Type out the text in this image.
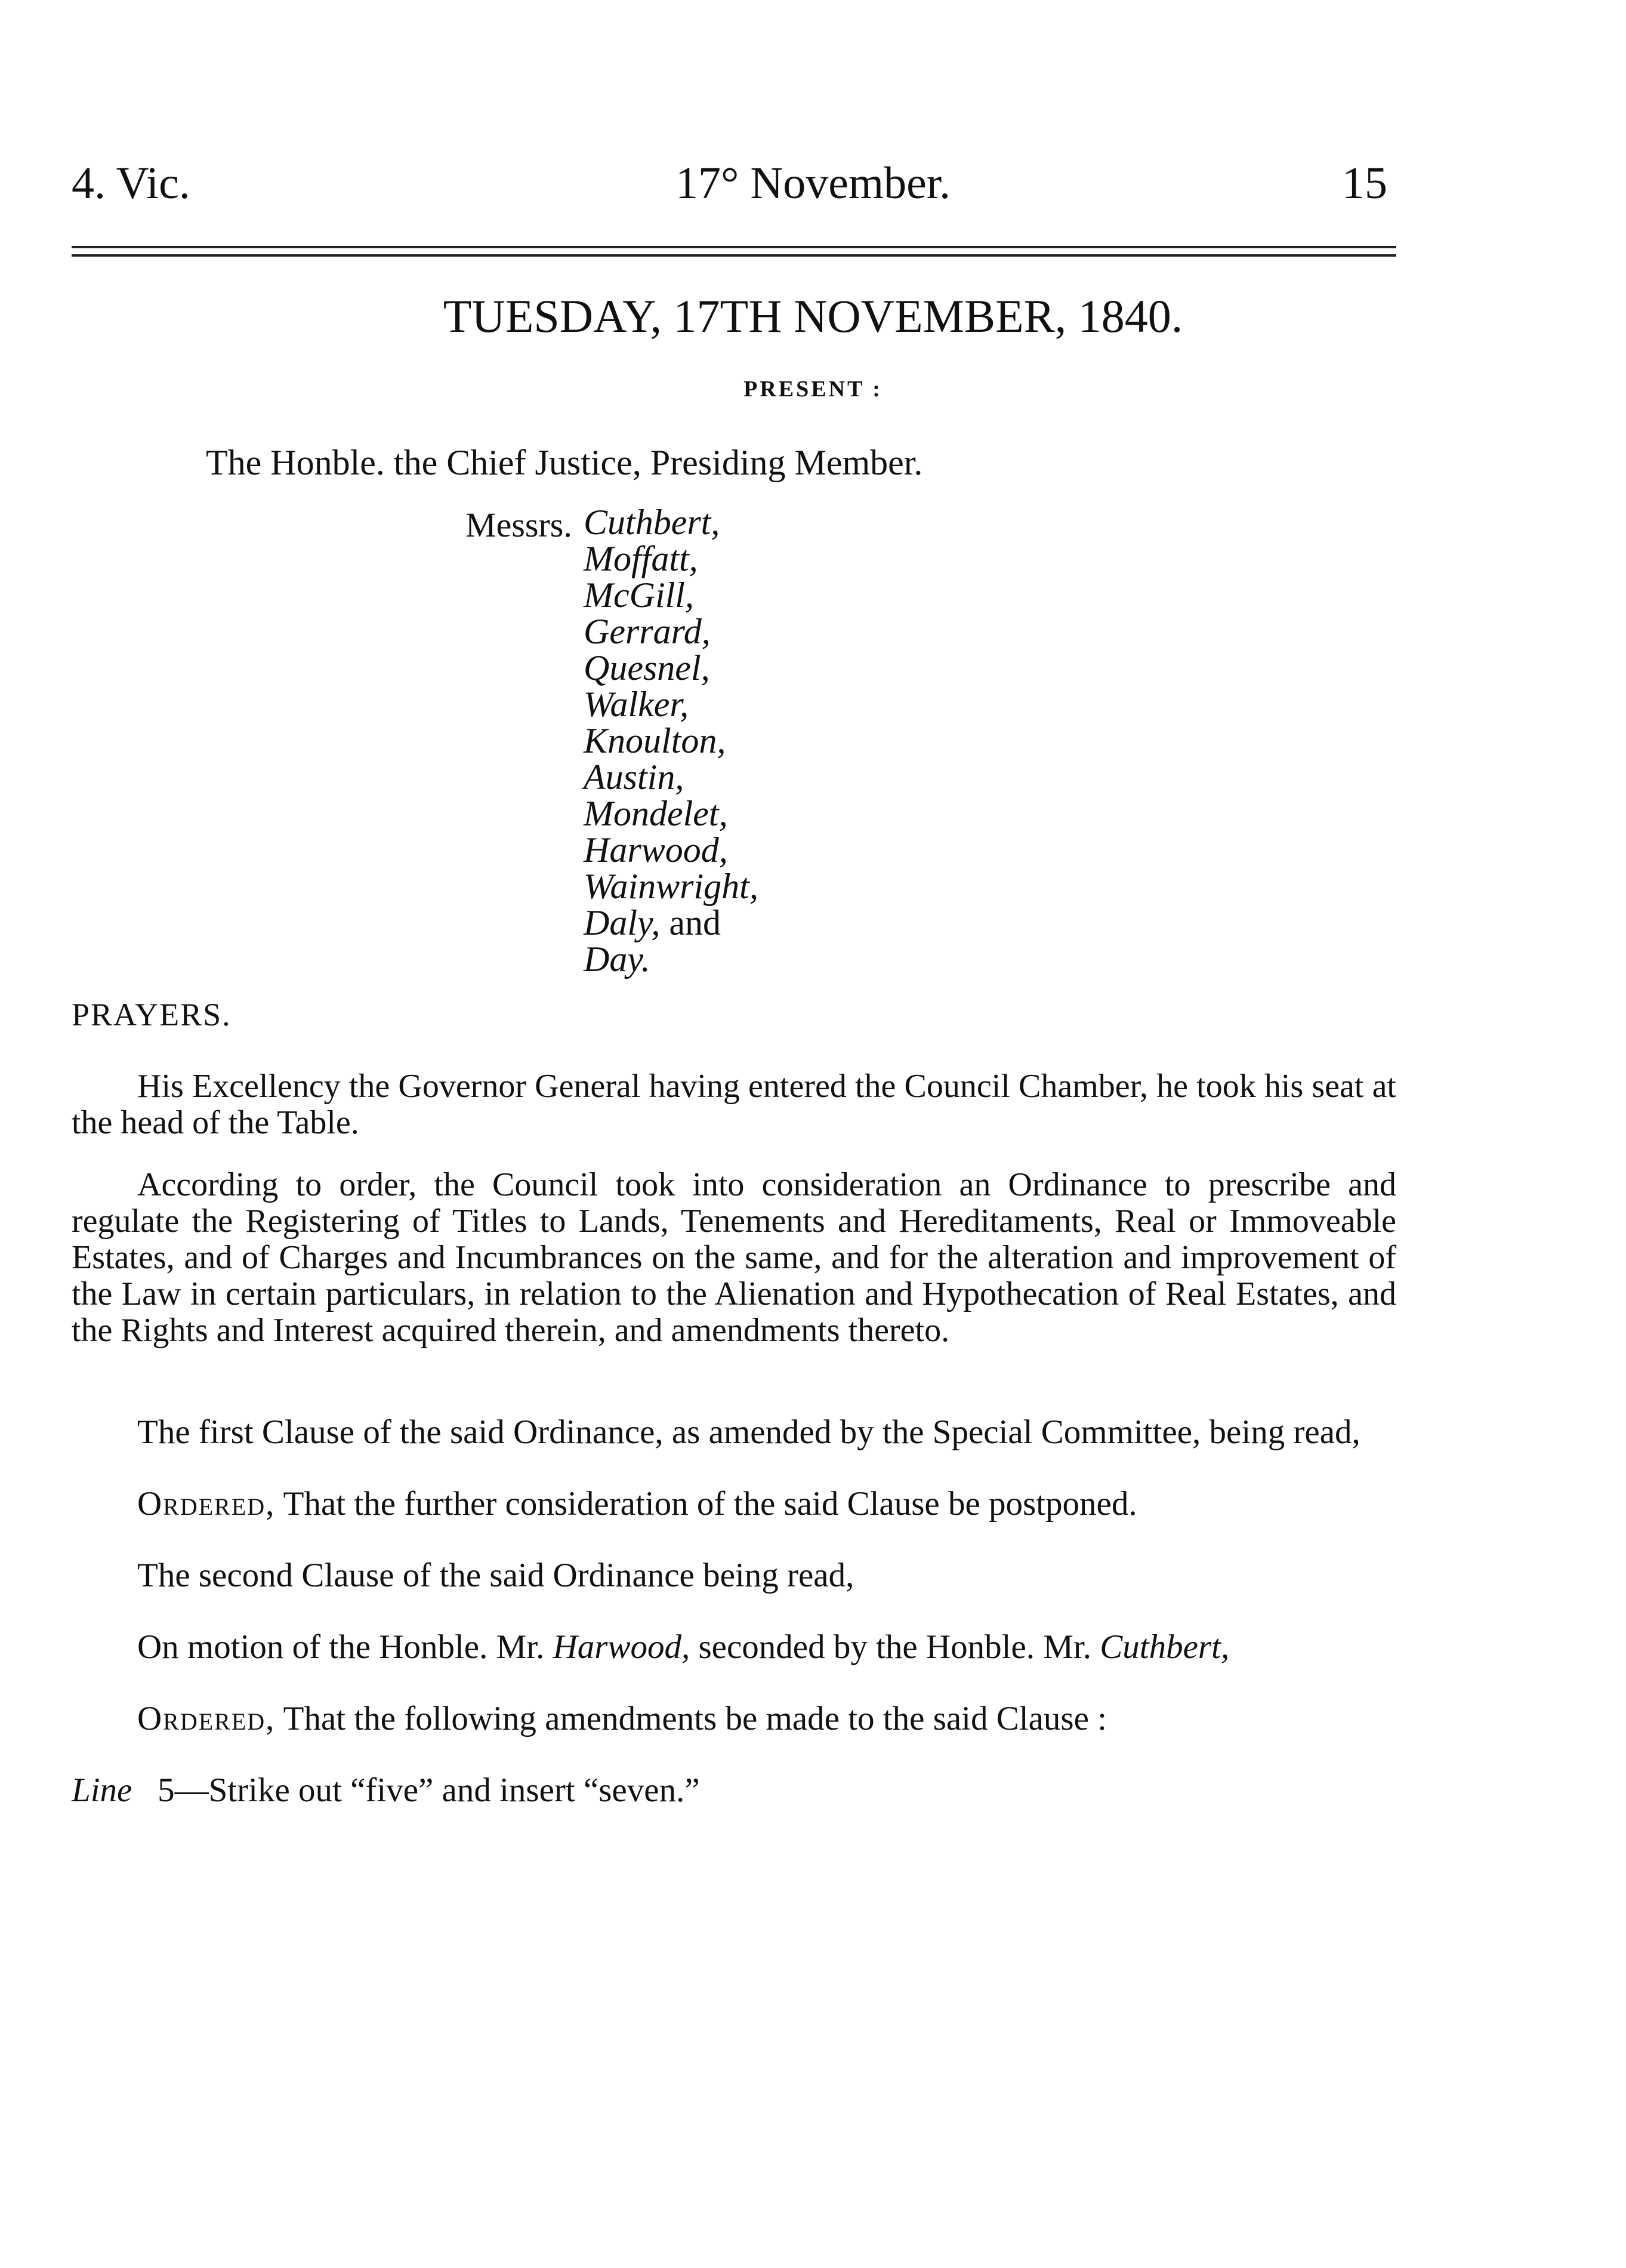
4. Vic.	17° November.	15
TUESDAY, 17TH NOVEMBER, 1840.
PRESENT :
The Honble. the Chief Justice, Presiding Member.
Messrs. Cuthbert,
Moffatt,
McGill,
Gerrard,
Quesnel,
Walker,
Knoulton,
Austin,
Mondelet,
Harwood,
Wainwright,
Daly, and
Day.
PRAYERS.

His Excellency the Governor General having entered the Council Chamber, he took his seat at the head of the Table.

According to order, the Council took into consideration an Ordinance to prescribe and regulate the Registering of Titles to Lands, Tenements and Hereditaments, Real or Immoveable Estates, and of Charges and Incumbrances on the same, and for the alteration and improvement of the Law in certain particulars, in relation to the Alienation and Hypothecation of Real Estates, and the Rights and Interest acquired therein, and amendments thereto.

The first Clause of the said Ordinance, as amended by the Special Committee, being read,
Ordered, That the further consideration of the said Clause be postponed.
The second Clause of the said Ordinance being read,
On motion of the Honble. Mr. Harwood, seconded by the Honble. Mr. Cuthbert,
Ordered, That the following amendments be made to the said Clause :
Line 5—Strike out “five” and insert “seven.”
